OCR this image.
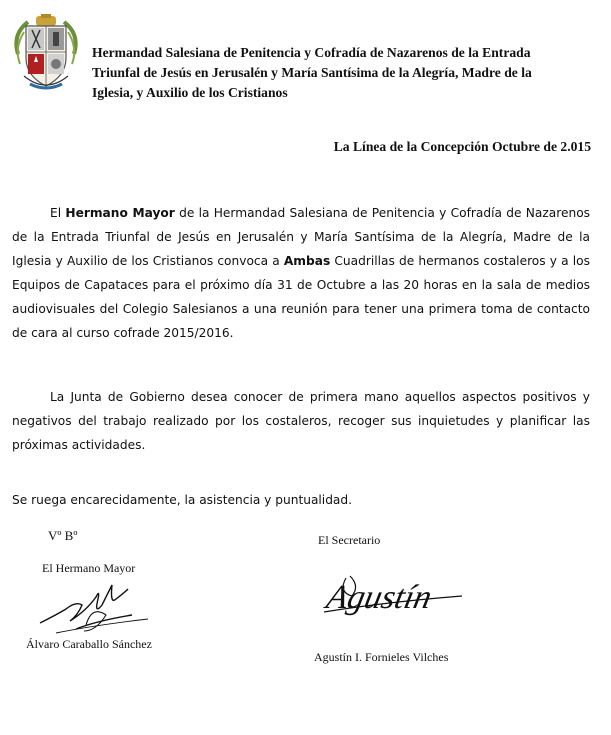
Hermandad Salesiana de Penitencia y Cofradía de Nazarenos de la Entrada
Triunfal de Jesús en Jerusalén y María Santísima de la Alegría, Madre de la
Iglesia, y Auxilio de los Cristianos
La Línea de la Concepción Octubre de 2.015
El Hermano Mayor de la Hermandad Salesiana de Penitencia y Cofradía de Nazarenos de la Entrada Triunfal de Jesús en Jerusalén y María Santísima de la Alegría, Madre de la Iglesia y Auxilio de los Cristianos convoca a Ambas Cuadrillas de hermanos costaleros y a los Equipos de Capataces para el próximo día 31 de Octubre a las 20 horas en la sala de medios audiovisuales del Colegio Salesianos a una reunión para tener una primera toma de contacto de cara al curso cofrade 2015/2016.
La Junta de Gobierno desea conocer de primera mano aquellos aspectos positivos y negativos del trabajo realizado por los costaleros, recoger sus inquietudes y planificar las próximas actividades.
Se ruega encarecidamente, la asistencia y puntualidad.
Vº Bº
El Hermano Mayor
Álvaro Caraballo Sánchez
El Secretario
Agustín
Agustín I. Fornieles Vilches
